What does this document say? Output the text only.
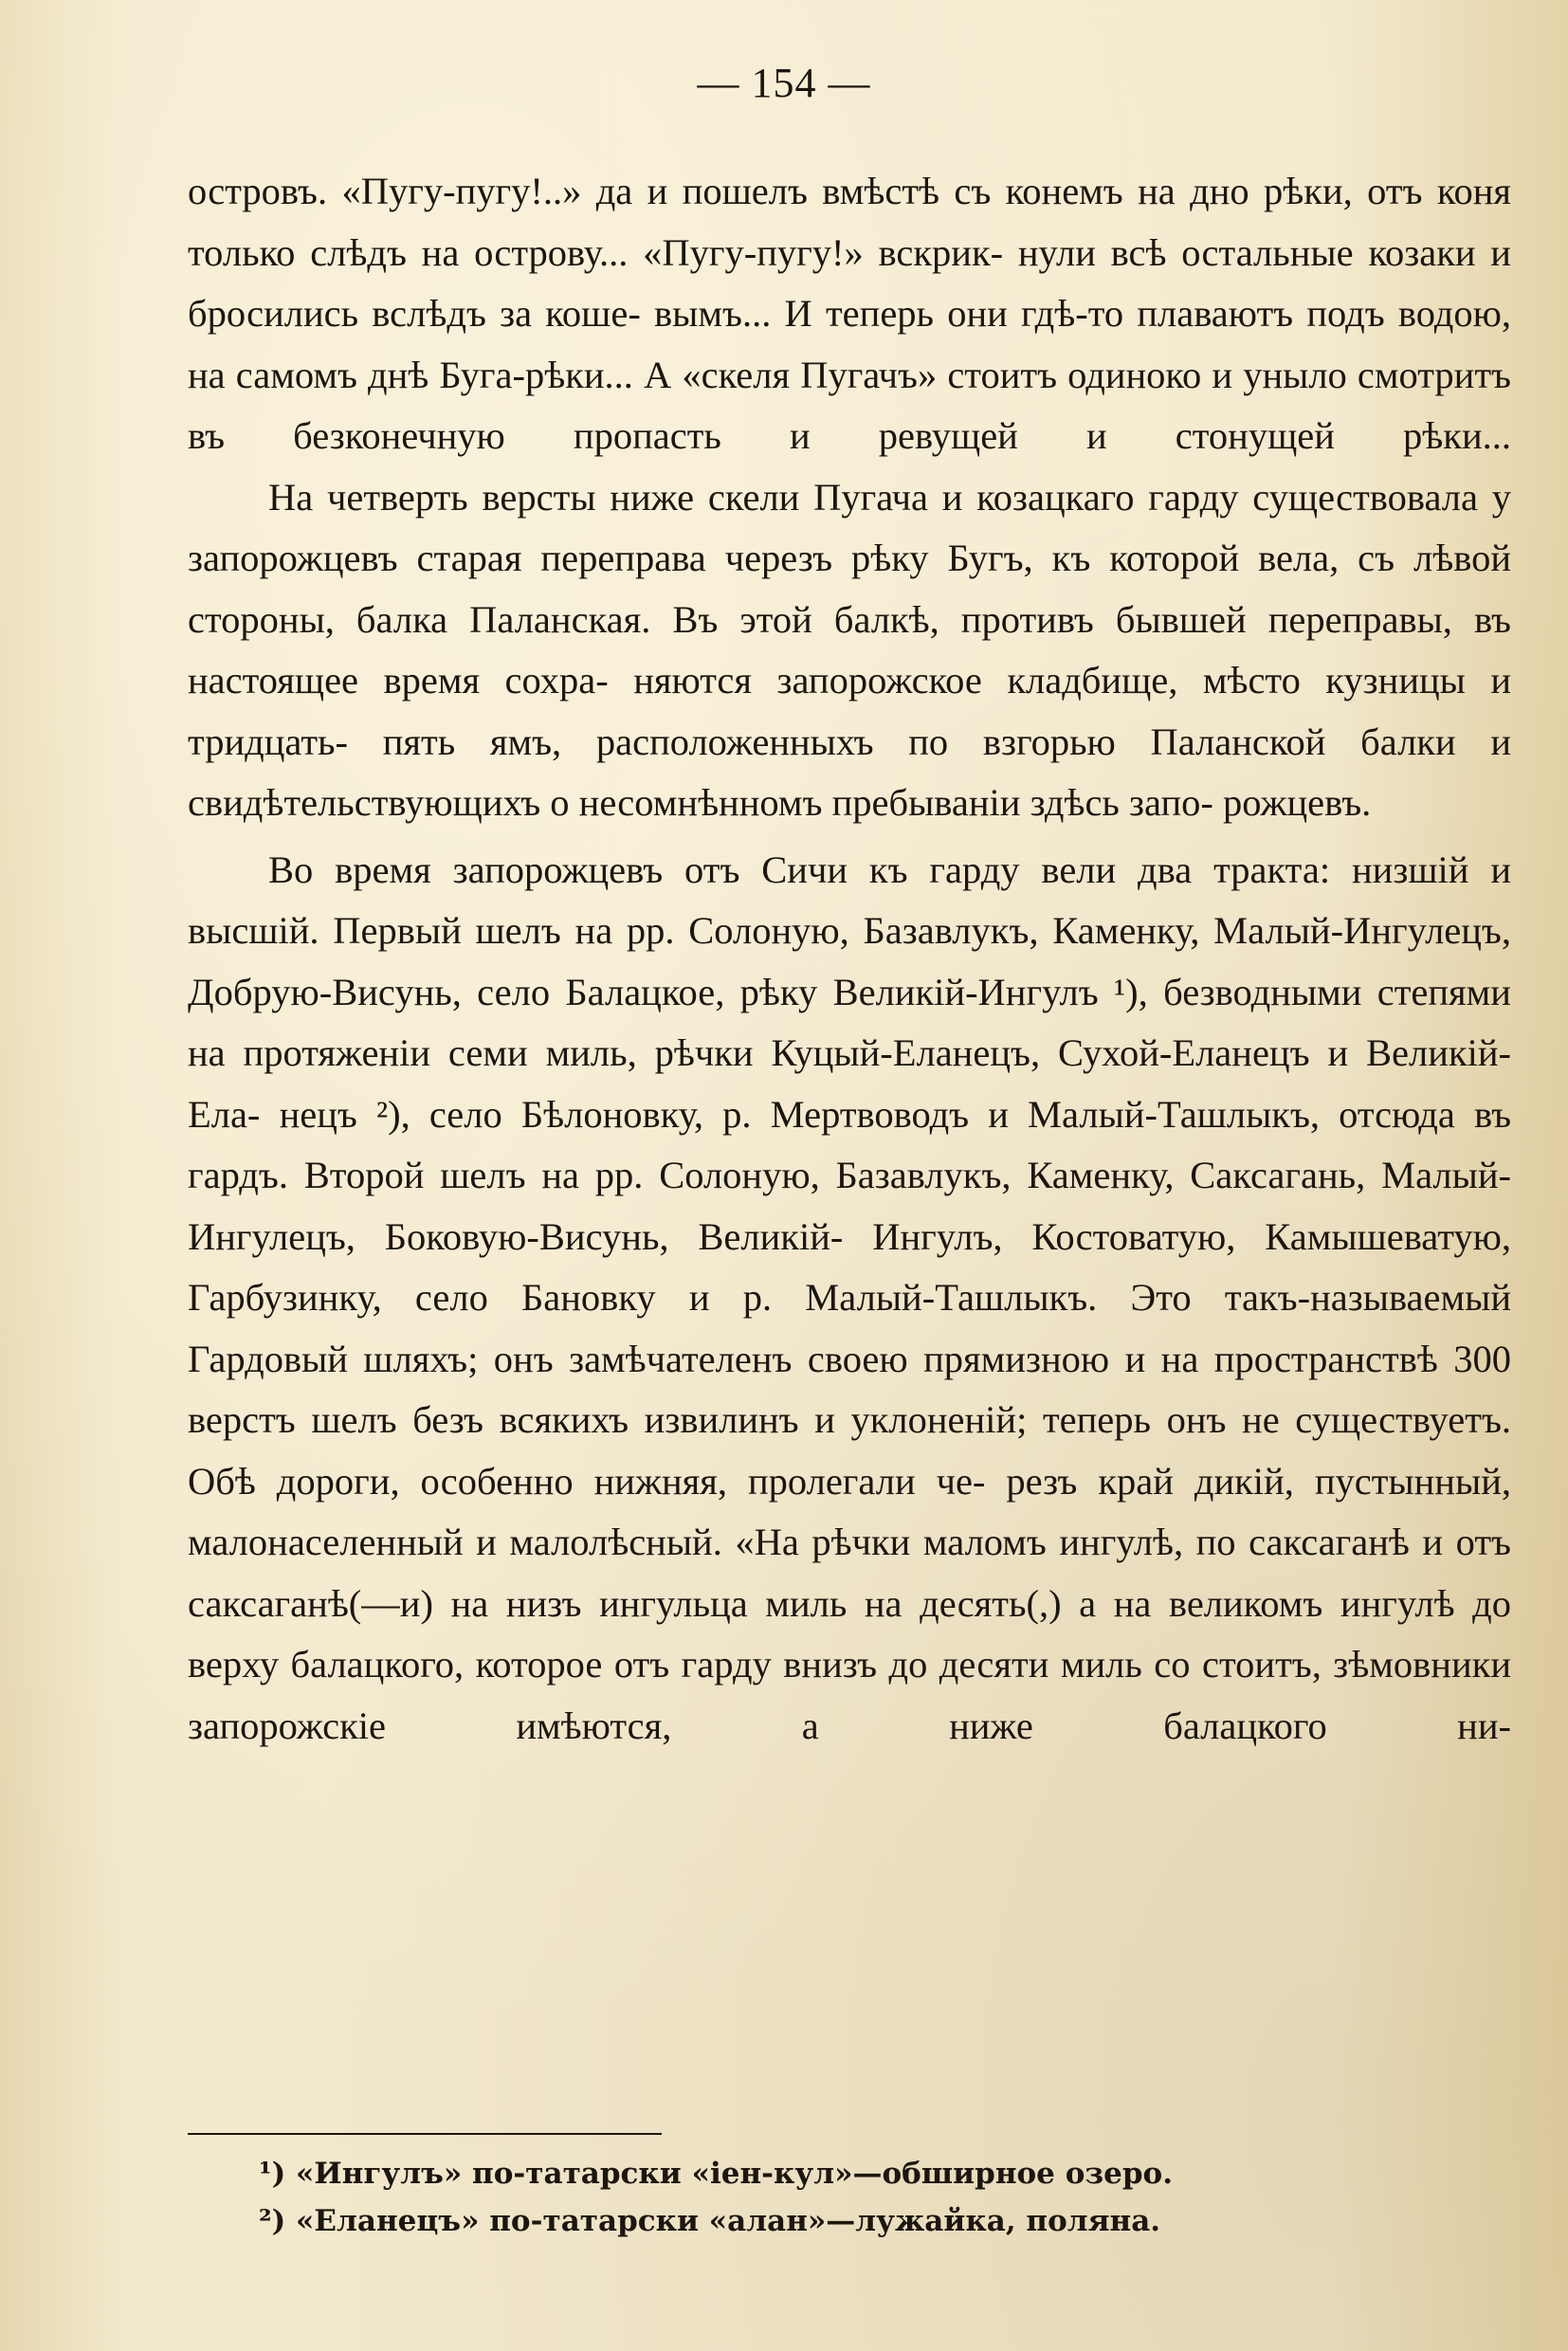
— 154 —

островъ. «Пугу-пугу!..» да и пошелъ вмѣстѣ съ конемъ на дно рѣки, отъ коня только слѣдъ на острову... «Пугу-пугу!» вскрик- нули всѣ остальные козаки и бросились вслѣдъ за коше- вымъ... И теперь они гдѣ-то плаваютъ подъ водою, на самомъ днѣ Буга-рѣки... А «скеля Пугачъ» стоитъ одиноко и уныло смотритъ въ безконечную пропасть и ревущей и стонущей рѣки...

На четверть версты ниже скели Пугача и козацкаго гарду существовала у запорожцевъ старая переправа черезъ рѣку Бугъ, къ которой вела, съ лѣвой стороны, балка Паланская. Въ этой балкѣ, противъ бывшей переправы, въ настоящее время сохра- няются запорожское кладбище, мѣсто кузницы и тридцать- пять ямъ, расположенныхъ по взгорью Паланской балки и свидѣтельствующихъ о несомнѣнномъ пребываніи здѣсь запо- рожцевъ.

Во время запорожцевъ отъ Сичи къ гарду вели два тракта: низшій и высшій. Первый шелъ на рр. Солоную, Базавлукъ, Каменку, Малый-Ингулецъ, Добрую-Висунь, село Балацкое, рѣку Великій-Ингулъ ¹), безводными степями на протяженіи семи миль, рѣчки Куцый-Еланецъ, Сухой-Еланецъ и Великій-Ела- нецъ ²), село Бѣлоновку, р. Мертвоводъ и Малый-Ташлыкъ, отсюда въ гардъ. Второй шелъ на рр. Солоную, Базавлукъ, Каменку, Саксагань, Малый-Ингулецъ, Боковую-Висунь, Великій- Ингулъ, Костоватую, Камышеватую, Гарбузинку, село Бановку и р. Малый-Ташлыкъ. Это такъ-называемый Гардовый шляхъ; онъ замѣчателенъ своею прямизною и на пространствѣ 300 верстъ шелъ безъ всякихъ извилинъ и уклоненій; теперь онъ не существуетъ. Обѣ дороги, особенно нижняя, пролегали че- резъ край дикій, пустынный, малонаселенный и малолѣсный. «На рѣчки маломъ ингулѣ, по саксаганѣ и отъ саксаганѣ(—и) на низъ ингульца миль на десять(,) а на великомъ ингулѣ до верху балацкого, которое отъ гарду внизъ до десяти миль со стоитъ, зѣмовники запорожскіе имѣются, а ниже балацкого ни-

¹) «Ингулъ» по-татарски «іен-кул»—обширное озеро.
²) «Еланецъ» по-татарски «алан»—лужайка, поляна.
